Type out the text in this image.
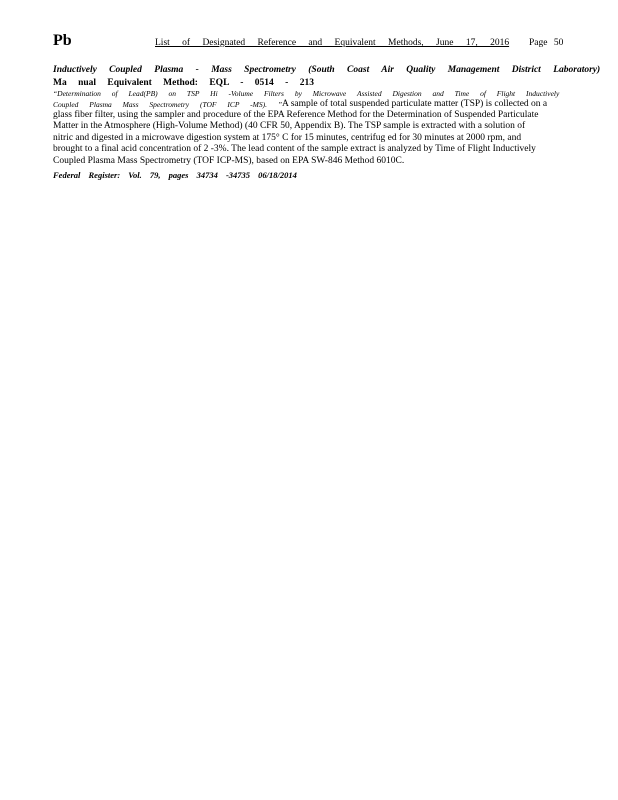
Pb	List of Designated Reference and Equivalent Methods, June 17, 2016 Page 50
Inductively Coupled Plasma - Mass Spectrometry (South Coast Air Quality Management District Laboratory)
Ma nual Equivalent Method: EQL - 0514 - 213
“Determination of Lead(PB) on TSP Hi -Volume Filters by Microwave Assisted Digestion and Time of Flight Inductively
Coupled Plasma Mass Spectrometry (TOF ICP -MS). ” A sample of total suspended particulate matter (TSP) is collected on a
glass fiber filter, using the sampler and procedure of the EPA Reference Method for the Determination of Suspended Particulate
Matter in the Atmosphere (High-Volume Method) (40 CFR 50, Appendix B). The TSP sample is extracted with a solution of
nitric and digested in a microwave digestion system at 175° C for 15 minutes, centrifug ed for 30 minutes at 2000 rpm, and
brought to a final acid concentration of 2 -3%. The lead content of the sample extract is analyzed by Time of Flight Inductively
Coupled Plasma Mass Spectrometry (TOF ICP-MS), based on EPA SW-846 Method 6010C.
Federal Register: Vol. 79, pages 34734 -34735 06/18/2014
